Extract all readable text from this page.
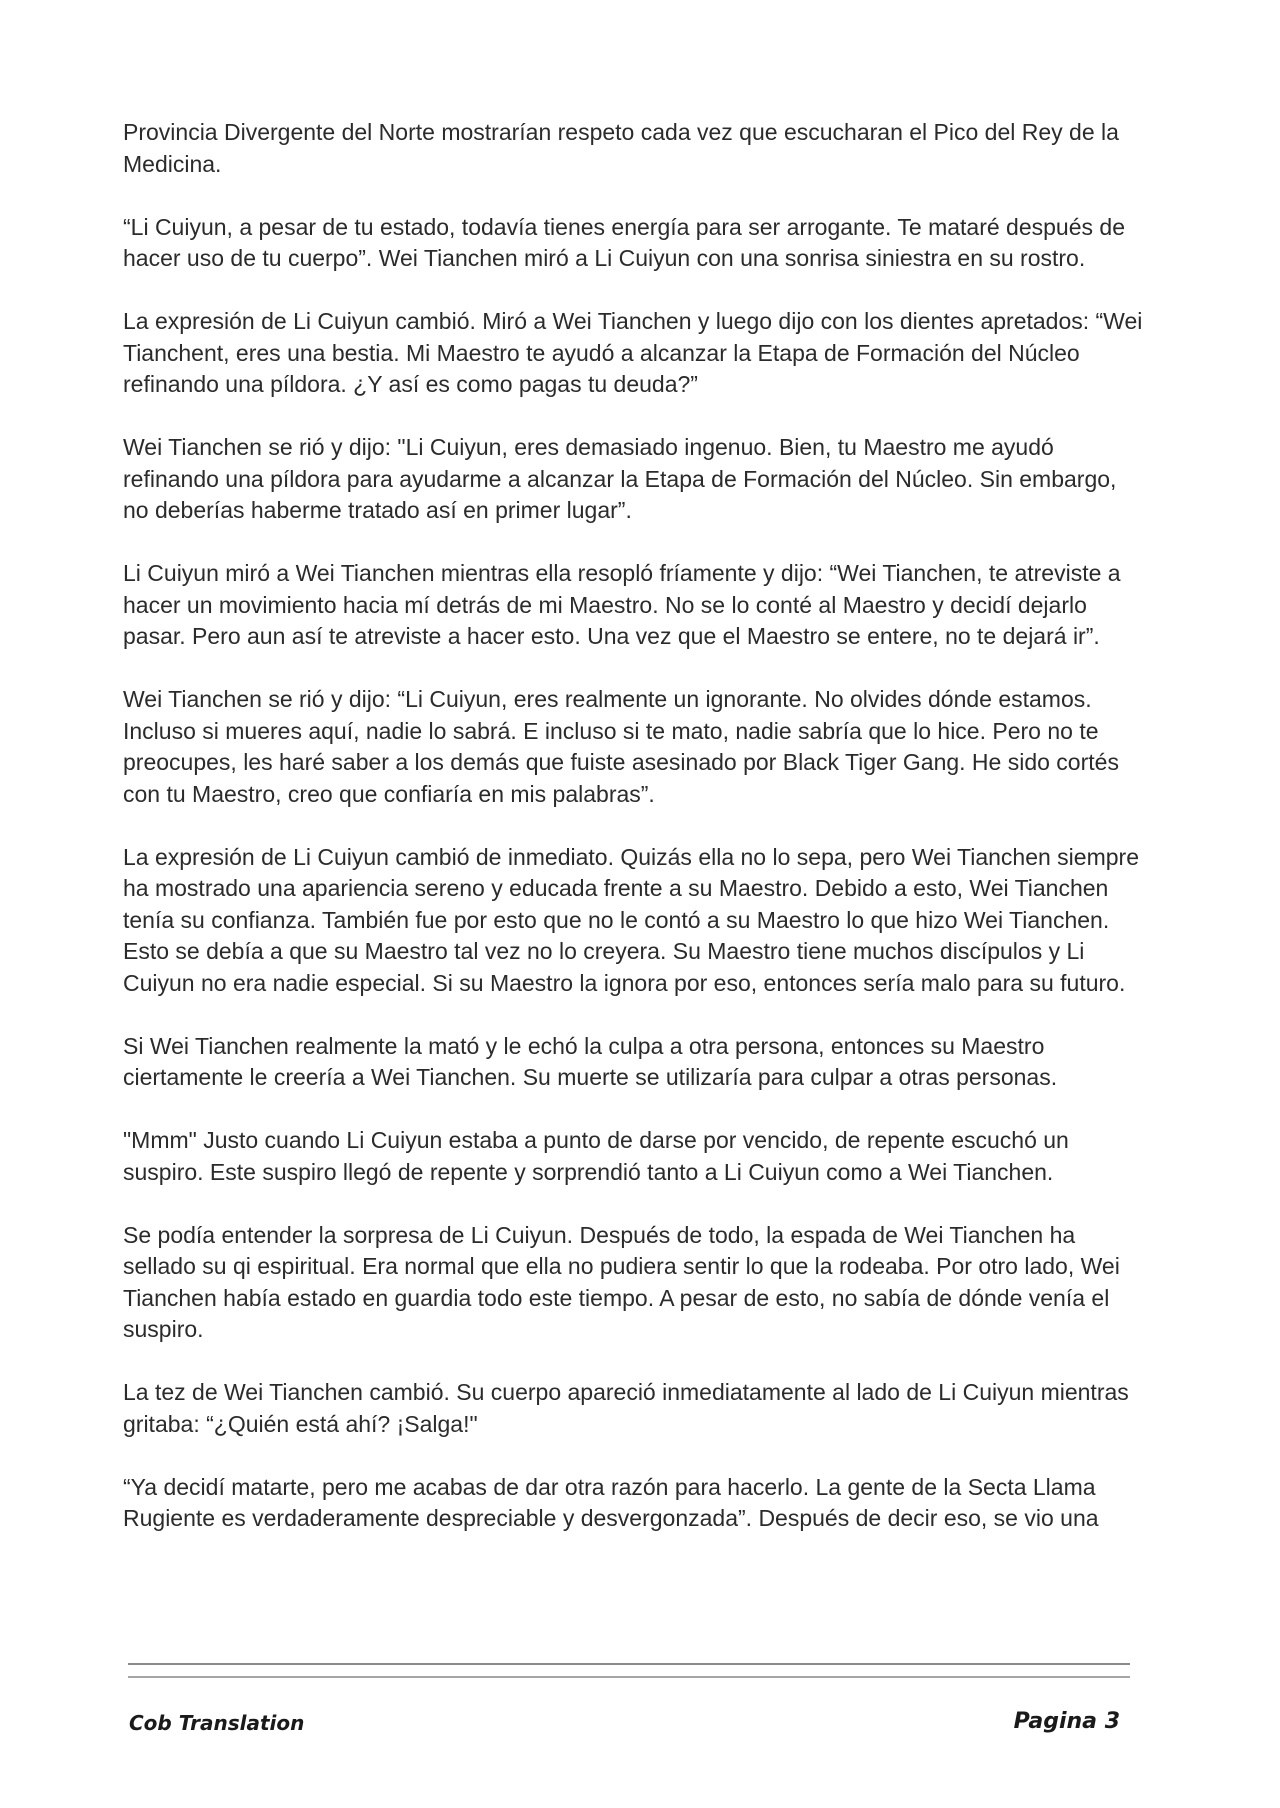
Provincia Divergente del Norte mostrarían respeto cada vez que escucharan el Pico del Rey de la Medicina.

“Li Cuiyun, a pesar de tu estado, todavía tienes energía para ser arrogante. Te mataré después de hacer uso de tu cuerpo”. Wei Tianchen miró a Li Cuiyun con una sonrisa siniestra en su rostro.

La expresión de Li Cuiyun cambió. Miró a Wei Tianchen y luego dijo con los dientes apretados: “Wei Tianchent, eres una bestia. Mi Maestro te ayudó a alcanzar la Etapa de Formación del Núcleo refinando una píldora. ¿Y así es como pagas tu deuda?”

Wei Tianchen se rió y dijo: "Li Cuiyun, eres demasiado ingenuo. Bien, tu Maestro me ayudó refinando una píldora para ayudarme a alcanzar la Etapa de Formación del Núcleo. Sin embargo, no deberías haberme tratado así en primer lugar”.

Li Cuiyun miró a Wei Tianchen mientras ella resopló fríamente y dijo: “Wei Tianchen, te atreviste a hacer un movimiento hacia mí detrás de mi Maestro. No se lo conté al Maestro y decidí dejarlo pasar. Pero aun así te atreviste a hacer esto. Una vez que el Maestro se entere, no te dejará ir”.

Wei Tianchen se rió y dijo: “Li Cuiyun, eres realmente un ignorante. No olvides dónde estamos. Incluso si mueres aquí, nadie lo sabrá. E incluso si te mato, nadie sabría que lo hice. Pero no te preocupes, les haré saber a los demás que fuiste asesinado por Black Tiger Gang. He sido cortés con tu Maestro, creo que confiaría en mis palabras”.

La expresión de Li Cuiyun cambió de inmediato. Quizás ella no lo sepa, pero Wei Tianchen siempre ha mostrado una apariencia sereno y educada frente a su Maestro. Debido a esto, Wei Tianchen tenía su confianza. También fue por esto que no le contó a su Maestro lo que hizo Wei Tianchen. Esto se debía a que su Maestro tal vez no lo creyera. Su Maestro tiene muchos discípulos y Li Cuiyun no era nadie especial. Si su Maestro la ignora por eso, entonces sería malo para su futuro.

Si Wei Tianchen realmente la mató y le echó la culpa a otra persona, entonces su Maestro ciertamente le creería a Wei Tianchen. Su muerte se utilizaría para culpar a otras personas.

"Mmm" Justo cuando Li Cuiyun estaba a punto de darse por vencido, de repente escuchó un suspiro. Este suspiro llegó de repente y sorprendió tanto a Li Cuiyun como a Wei Tianchen.

Se podía entender la sorpresa de Li Cuiyun. Después de todo, la espada de Wei Tianchen ha sellado su qi espiritual. Era normal que ella no pudiera sentir lo que la rodeaba. Por otro lado, Wei Tianchen había estado en guardia todo este tiempo. A pesar de esto, no sabía de dónde venía el suspiro.

La tez de Wei Tianchen cambió. Su cuerpo apareció inmediatamente al lado de Li Cuiyun mientras gritaba: “¿Quién está ahí? ¡Salga!"

“Ya decidí matarte, pero me acabas de dar otra razón para hacerlo. La gente de la Secta Llama Rugiente es verdaderamente despreciable y desvergonzada”. Después de decir eso, se vio una

Cob Translation	Pagina 3
